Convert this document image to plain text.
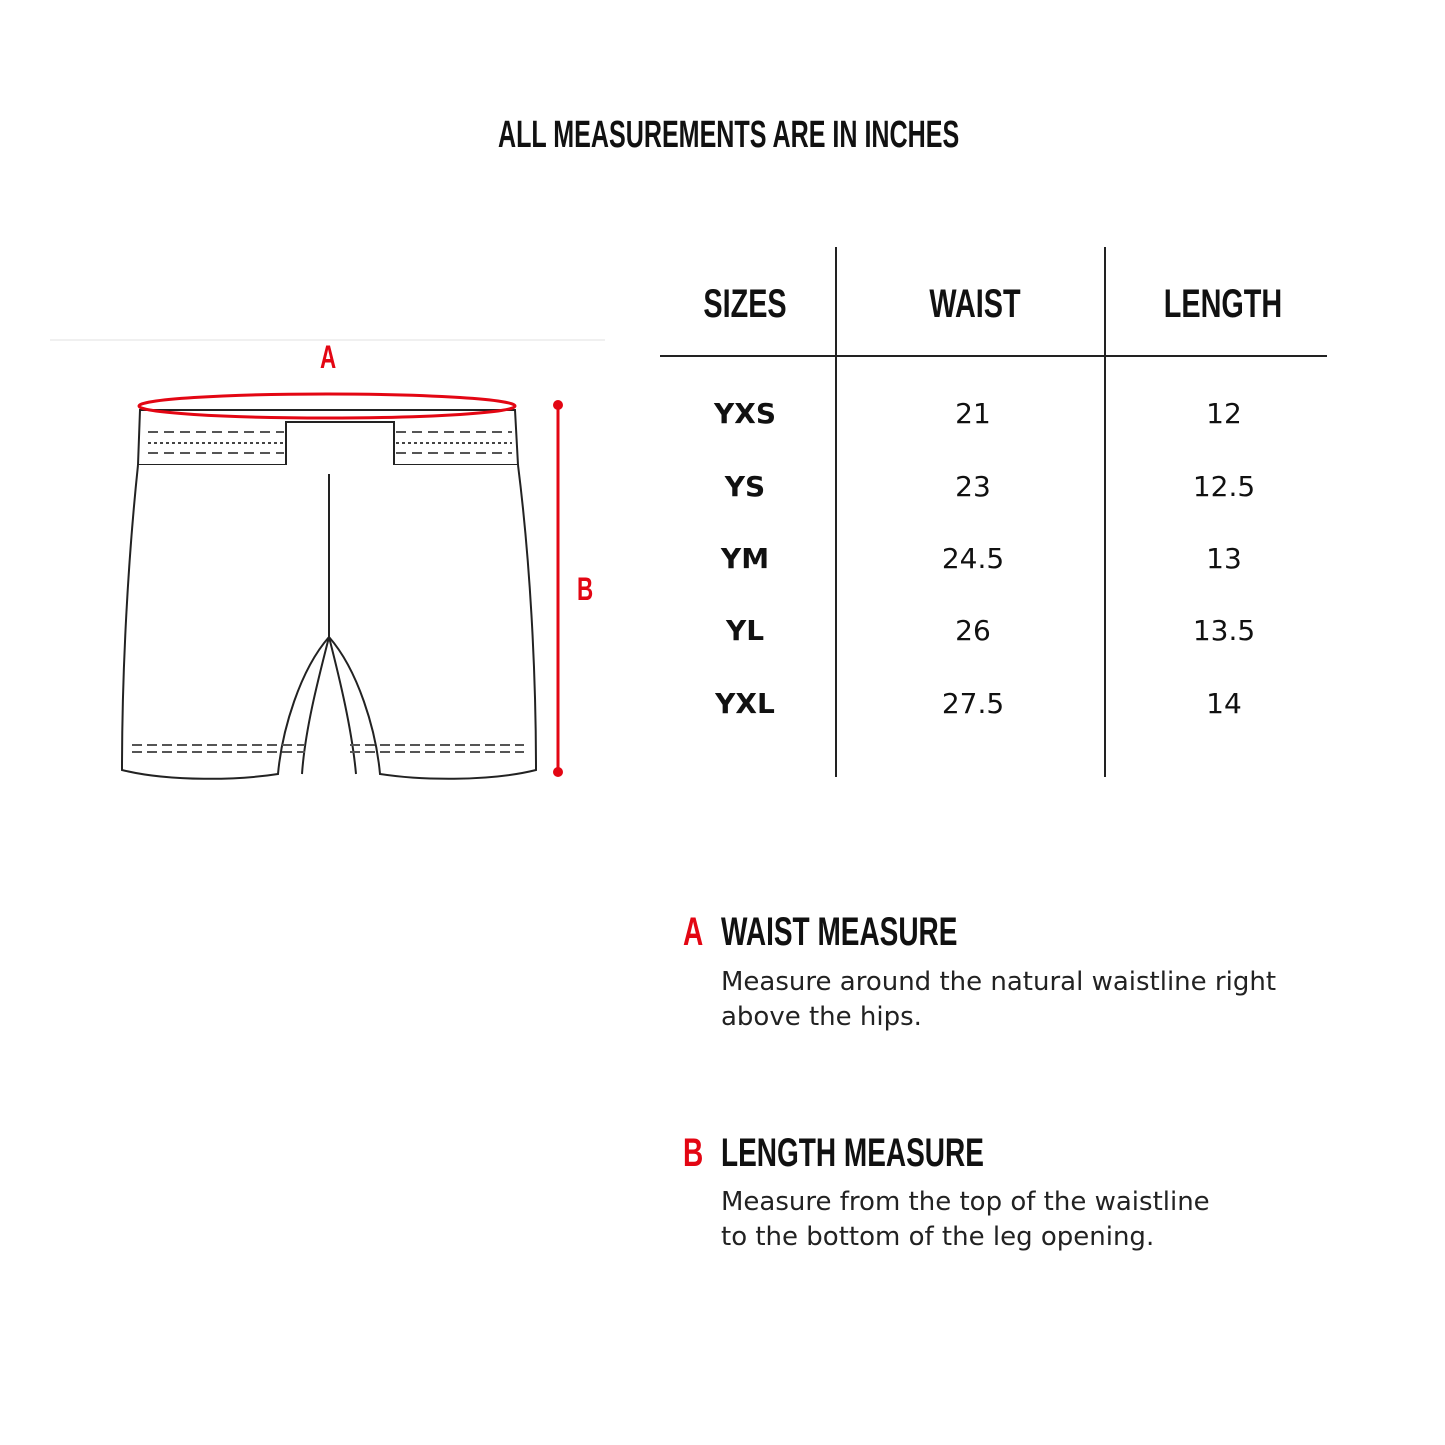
ALL MEASUREMENTS ARE IN INCHES
A
B
SIZES	WAIST	LENGTH
YXS	21	12
YS	23	12.5
YM	24.5	13
YL	26	13.5
YXL	27.5	14
A WAIST MEASURE
Measure around the natural waistline right
above the hips.
B LENGTH MEASURE
Measure from the top of the waistline
to the bottom of the leg opening.
